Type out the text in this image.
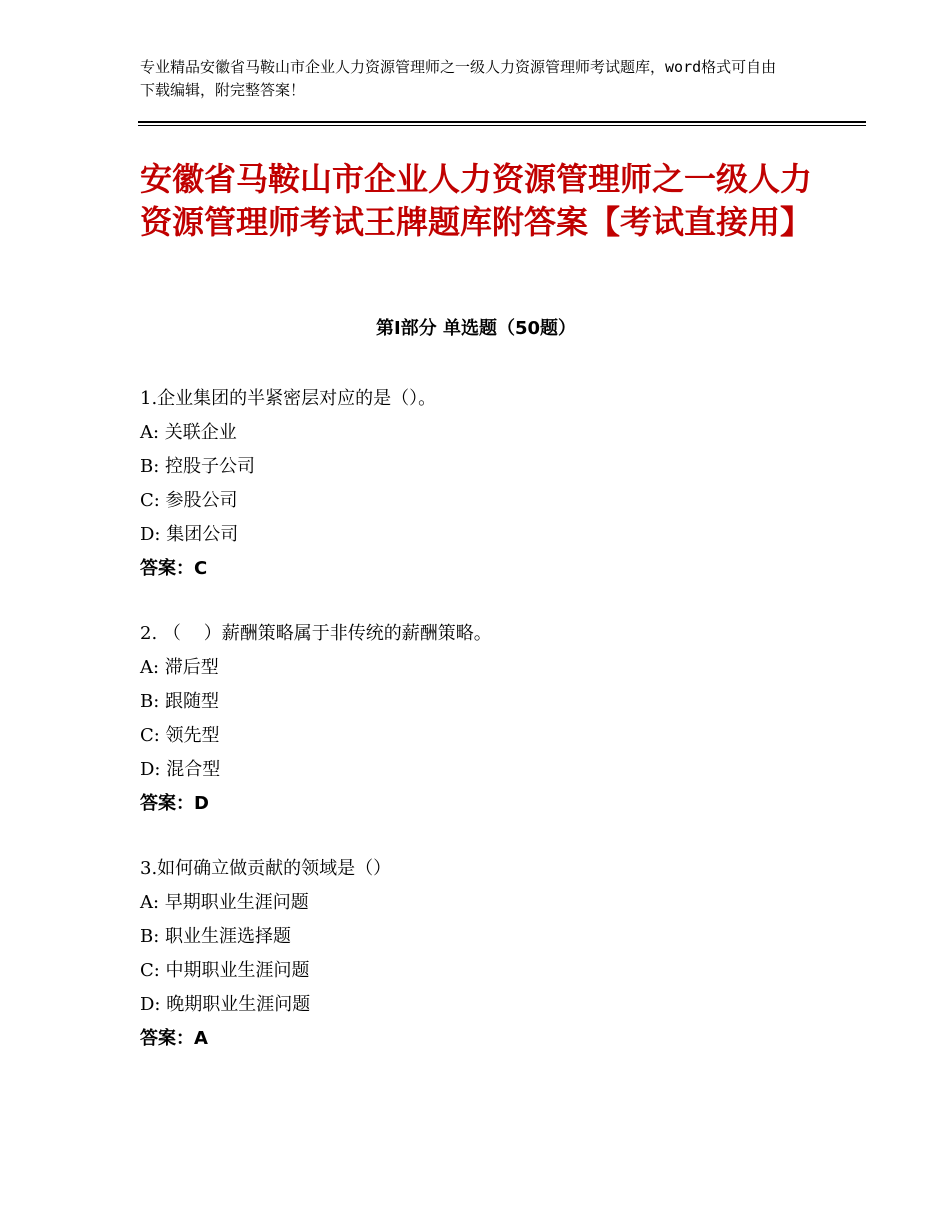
专业精品安徽省马鞍山市企业人力资源管理师之一级人力资源管理师考试题库，word格式可自由下载编辑，附完整答案！
安徽省马鞍山市企业人力资源管理师之一级人力资源管理师考试王牌题库附答案【考试直接用】
第Ⅰ部分 单选题（50题）
1.企业集团的半紧密层对应的是（）。
A: 关联企业
B: 控股子公司
C: 参股公司
D: 集团公司
答案：C
2. （    ）薪酬策略属于非传统的薪酬策略。
A: 滞后型
B: 跟随型
C: 领先型
D: 混合型
答案：D
3.如何确立做贡献的领域是（）
A: 早期职业生涯问题
B: 职业生涯选择题
C: 中期职业生涯问题
D: 晚期职业生涯问题
答案：A
